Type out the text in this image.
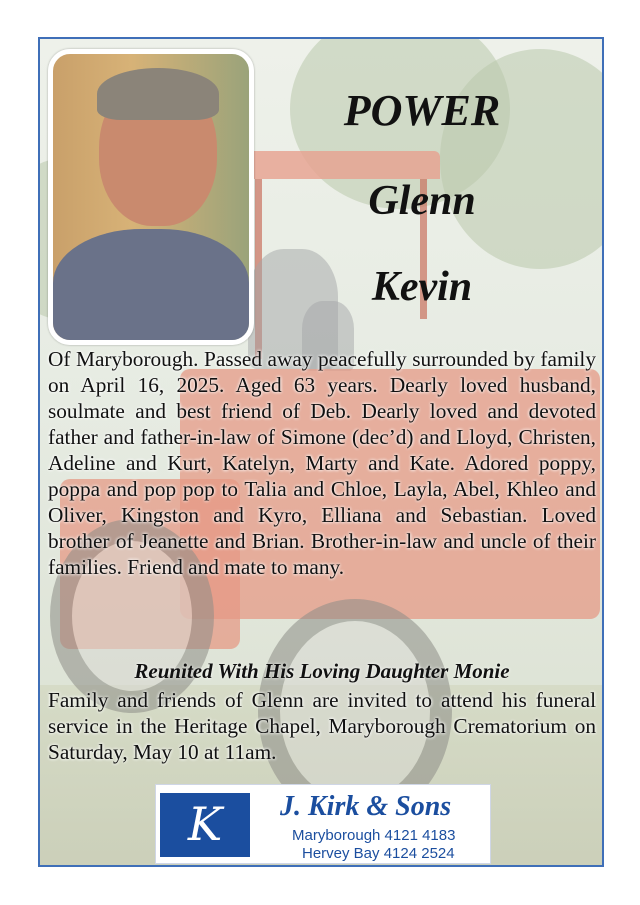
POWER
Glenn
Kevin

Of Maryborough. Passed away peacefully surrounded by family on April 16, 2025. Aged 63 years. Dearly loved husband, soulmate and best friend of Deb. Dearly loved and devoted father and father-in-law of Simone (dec’d) and Lloyd, Christen, Adeline and Kurt, Katelyn, Marty and Kate. Adored poppy, poppa and pop pop to Talia and Chloe, Layla, Abel, Khleo and Oliver, Kingston and Kyro, Elliana and Sebastian. Loved brother of Jeanette and Brian. Brother-in-law and uncle of their families. Friend and mate to many.

Reunited With His Loving Daughter Monie

Family and friends of Glenn are invited to attend his funeral service in the Heritage Chapel, Maryborough Crematorium on Saturday, May 10 at 11am.

K	J. Kirk & Sons
Maryborough 4121 4183
Hervey Bay 4124 2524
